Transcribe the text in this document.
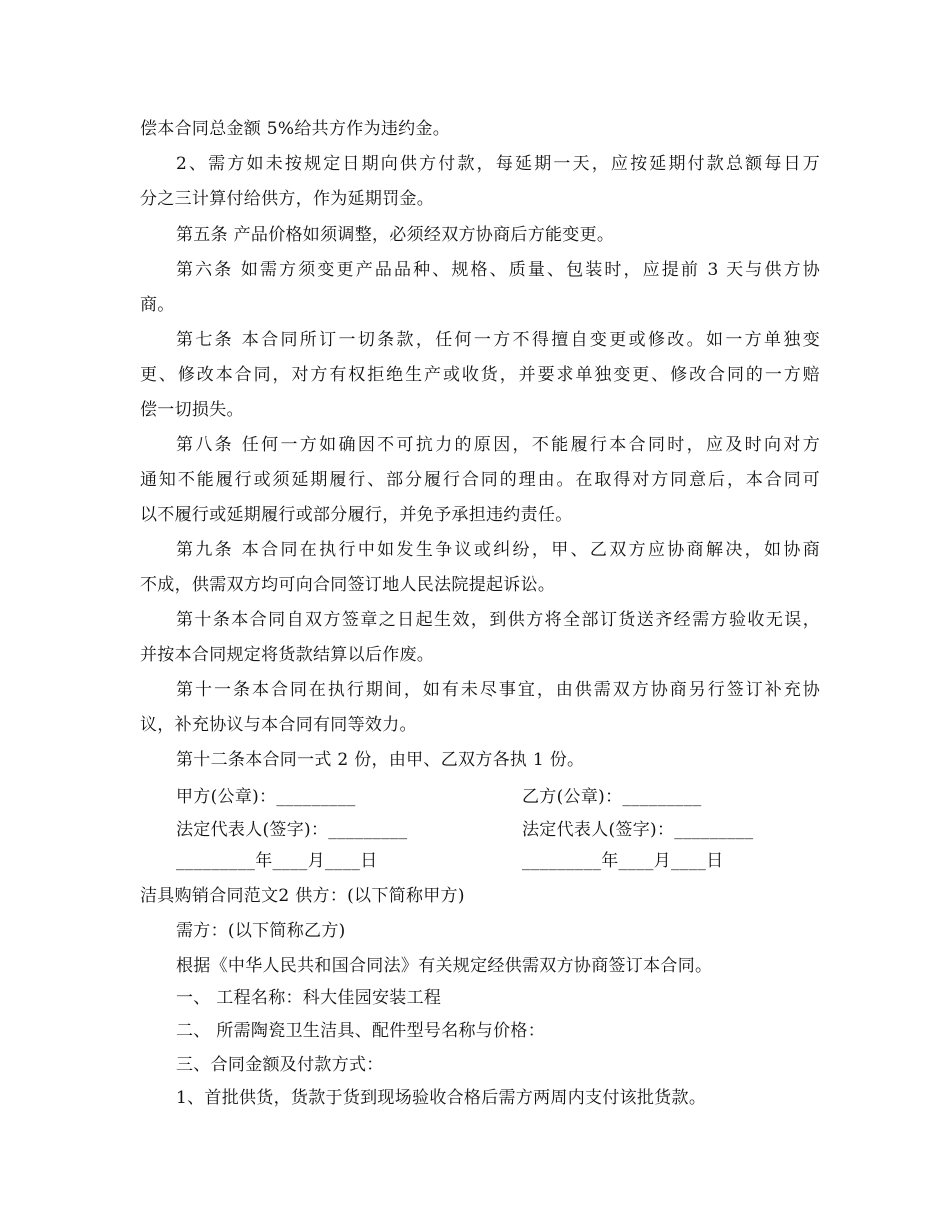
偿本合同总金额 5%给共方作为违约金。
2、需方如未按规定日期向供方付款，每延期一天，应按延期付款总额每日万
分之三计算付给供方，作为延期罚金。
第五条 产品价格如须调整，必须经双方协商后方能变更。
第六条 如需方须变更产品品种、规格、质量、包装时，应提前 3 天与供方协
商。
第七条 本合同所订一切条款，任何一方不得擅自变更或修改。如一方单独变
更、修改本合同，对方有权拒绝生产或收货，并要求单独变更、修改合同的一方赔
偿一切损失。
第八条 任何一方如确因不可抗力的原因，不能履行本合同时，应及时向对方
通知不能履行或须延期履行、部分履行合同的理由。在取得对方同意后，本合同可
以不履行或延期履行或部分履行，并免予承担违约责任。
第九条 本合同在执行中如发生争议或纠纷，甲、乙双方应协商解决，如协商
不成，供需双方均可向合同签订地人民法院提起诉讼。
第十条本合同自双方签章之日起生效，到供方将全部订货送齐经需方验收无误，
并按本合同规定将货款结算以后作废。
第十一条本合同在执行期间，如有未尽事宜，由供需双方协商另行签订补充协
议，补充协议与本合同有同等效力。
第十二条本合同一式 2 份，由甲、乙双方各执 1 份。
甲方(公章)：_________	乙方(公章)：_________
法定代表人(签字)：_________	法定代表人(签字)：_________
_________年____月____日	_________年____月____日
洁具购销合同范文2 供方：(以下简称甲方)
需方：(以下简称乙方)
根据《中华人民共和国合同法》有关规定经供需双方协商签订本合同。
一、 工程名称：科大佳园安装工程
二、 所需陶瓷卫生洁具、配件型号名称与价格：
三、合同金额及付款方式：
1、首批供货，货款于货到现场验收合格后需方两周内支付该批货款。
